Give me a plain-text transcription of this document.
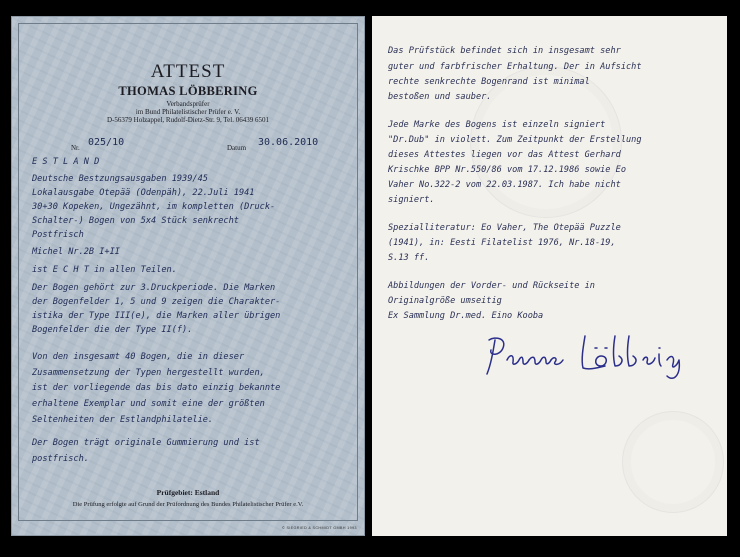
ATTEST
THOMAS LÖBBERING
Verbandsprüfer
im Bund Philatelistischer Prüfer e. V.
D-56379 Holzappel, Rudolf-Dietz-Str. 9, Tel. 06439 6501
Nr. 025/10	Datum 30.06.2010
E S T L A N D
Deutsche Bestzungsausgaben 1939/45
Lokalausgabe Otepää (Odenpäh), 22.Juli 1941
30+30 Kopeken, Ungezähnt, im kompletten (Druck-
Schalter-) Bogen von 5x4 Stück senkrecht
Postfrisch
Michel Nr.2B I+II
ist E C H T in allen Teilen.
Der Bogen gehört zur 3.Druckperiode. Die Marken
der Bogenfelder 1, 5 und 9 zeigen die Charakter-
istika der Type III(e), die Marken aller übrigen
Bogenfelder die der Type II(f).
Von den insgesamt 40 Bogen, die in dieser
Zusammensetzung der Typen hergestellt wurden,
ist der vorliegende das bis dato einzig bekannte
erhaltene Exemplar und somit eine der größten
Seltenheiten der Estlandphilatelie.
Der Bogen trägt originale Gummierung und ist
postfrisch.
Prüfgebiet: Estland
Die Prüfung erfolgte auf Grund der Prüfordnung des Bundes Philatelistischer Prüfer e.V.
© SIEGRIED & SCHMIDT GMBH 1993
Das Prüfstück befindet sich in insgesamt sehr
guter und farbfrischer Erhaltung. Der in Aufsicht
rechte senkrechte Bogenrand ist minimal
bestoßen und sauber.
Jede Marke des Bogens ist einzeln signiert
"Dr.Dub" in violett. Zum Zeitpunkt der Erstellung
dieses Attestes liegen vor das Attest Gerhard
Krischke BPP Nr.550/86 vom 17.12.1986 sowie Eo
Vaher No.322-2 vom 22.03.1987. Ich habe nicht
signiert.
Spezialliteratur: Eo Vaher, The Otepää Puzzle
(1941), in: Eesti Filatelist 1976, Nr.18-19,
S.13 ff.
Abbildungen der Vorder- und Rückseite in
Originalgröße umseitig
Ex Sammlung Dr.med. Eino Kooba
